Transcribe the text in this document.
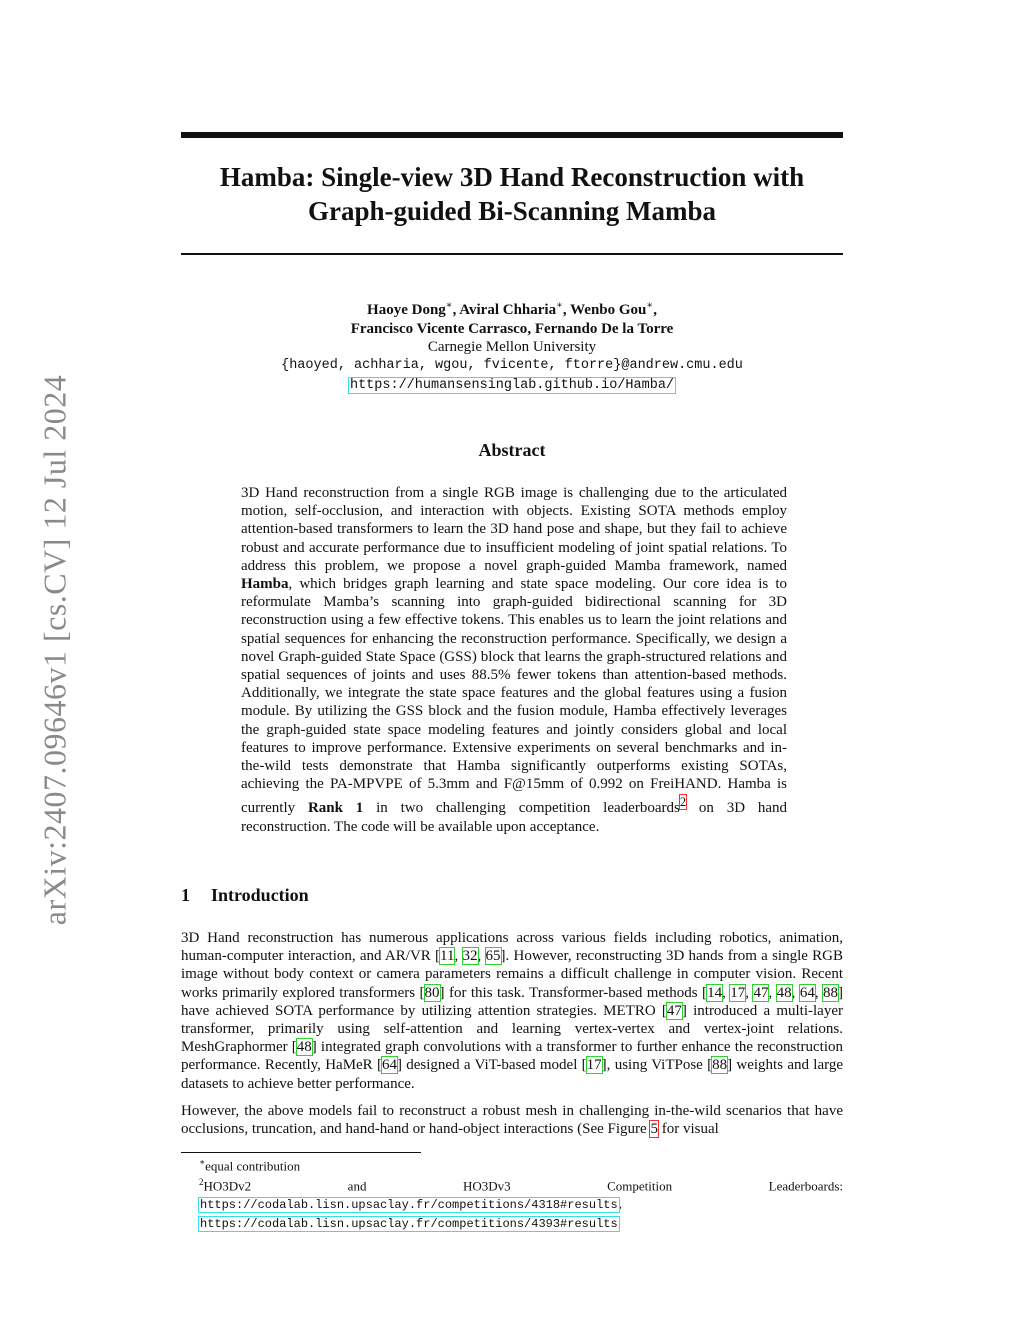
arXiv:2407.09646v1 [cs.CV] 12 Jul 2024
Hamba: Single-view 3D Hand Reconstruction with
Graph-guided Bi-Scanning Mamba
Haoye Dong∗, Aviral Chharia∗, Wenbo Gou∗,
Francisco Vicente Carrasco, Fernando De la Torre
Carnegie Mellon University
{haoyed, achharia, wgou, fvicente, ftorre}@andrew.cmu.edu
https://humansensinglab.github.io/Hamba/
Abstract
3D Hand reconstruction from a single RGB image is challenging due to the articulated motion, self-occlusion, and interaction with objects. Existing SOTA methods employ attention-based transformers to learn the 3D hand pose and shape, but they fail to achieve robust and accurate performance due to insufficient modeling of joint spatial relations. To address this problem, we propose a novel graph-guided Mamba framework, named Hamba, which bridges graph learning and state space modeling. Our core idea is to reformulate Mamba’s scanning into graph-guided bidirectional scanning for 3D reconstruction using a few effective tokens. This enables us to learn the joint relations and spatial sequences for enhancing the reconstruction performance. Specifically, we design a novel Graph-guided State Space (GSS) block that learns the graph-structured relations and spatial sequences of joints and uses 88.5% fewer tokens than attention-based methods. Additionally, we integrate the state space features and the global features using a fusion module. By utilizing the GSS block and the fusion module, Hamba effectively leverages the graph-guided state space modeling features and jointly considers global and local features to improve performance. Extensive experiments on several benchmarks and in-the-wild tests demonstrate that Hamba significantly outperforms existing SOTAs, achieving the PA-MPVPE of 5.3mm and F@15mm of 0.992 on FreiHAND. Hamba is currently Rank 1 in two challenging competition leaderboards$^2$ on 3D hand reconstruction. The code will be available upon acceptance.
1 Introduction

3D Hand reconstruction has numerous applications across various fields including robotics, animation, human-computer interaction, and AR/VR [11, 32, 65]. However, reconstructing 3D hands from a single RGB image without body context or camera parameters remains a difficult challenge in computer vision. Recent works primarily explored transformers [80] for this task. Transformer-based methods [14, 17, 47, 48, 64, 88] have achieved SOTA performance by utilizing attention strategies. METRO [47] introduced a multi-layer transformer, primarily using self-attention and learning vertex-vertex and vertex-joint relations. MeshGraphormer [48] integrated graph convolutions with a transformer to further enhance the reconstruction performance. Recently, HaMeR [64] designed a ViT-based model [17], using ViTPose [88] weights and large datasets to achieve better performance.

However, the above models fail to reconstruct a robust mesh in challenging in-the-wild scenarios that have occlusions, truncation, and hand-hand or hand-object interactions (See Figure 5 for visual

∗equal contribution
$^2$HO3Dv2 and HO3Dv3 Competition Leaderboards: https://codalab.lisn.upsaclay.fr/competitions/4318#results, https://codalab.lisn.upsaclay.fr/competitions/4393#results
